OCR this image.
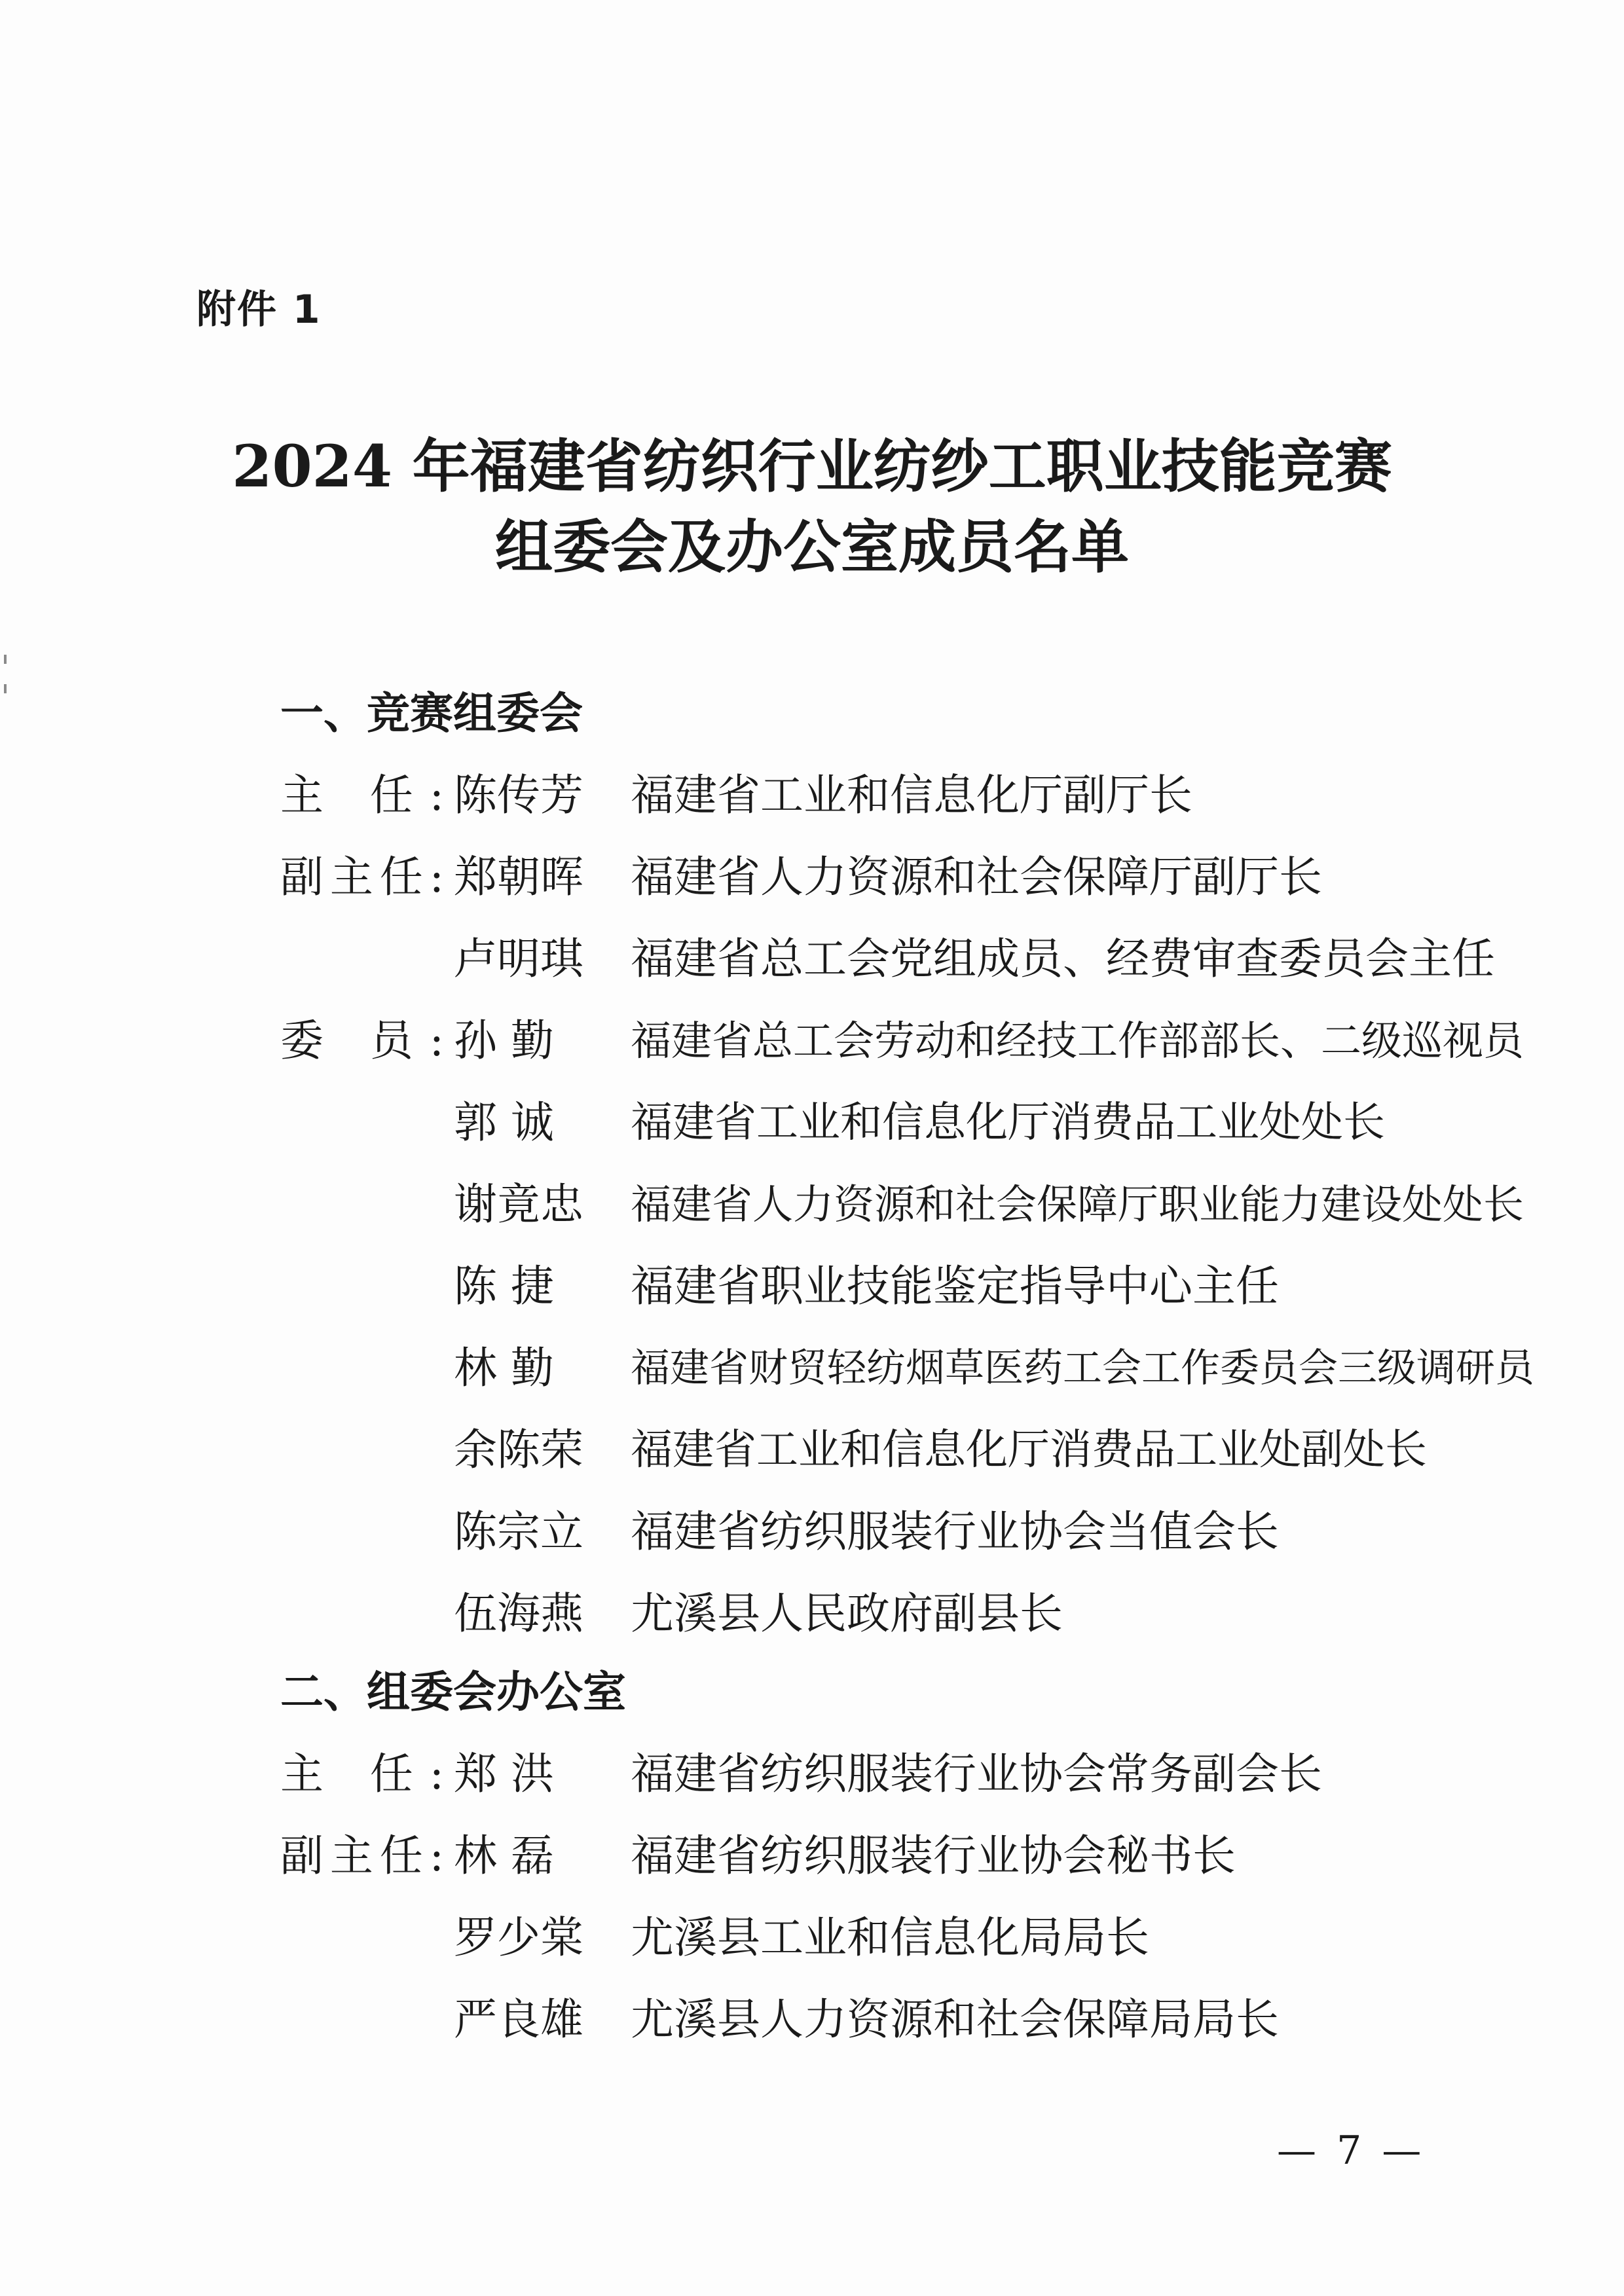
附件 1
2024 年福建省纺织行业纺纱工职业技能竞赛
组委会及办公室成员名单
一、竞赛组委会
主 任: 陈传芳 福建省工业和信息化厅副厅长
副主任: 郑朝晖 福建省人力资源和社会保障厅副厅长
卢明琪 福建省总工会党组成员、经费审查委员会主任
委 员: 孙 勤	福建省总工会劳动和经技工作部部长、二级巡视员
郭 诚	福建省工业和信息化厅消费品工业处处长
谢竟忠 福建省人力资源和社会保障厅职业能力建设处处长
陈 捷	福建省职业技能鉴定指导中心主任
林 勤	福建省财贸轻纺烟草医药工会工作委员会三级调研员
余陈荣 福建省工业和信息化厅消费品工业处副处长
陈宗立 福建省纺织服装行业协会当值会长
伍海燕 尤溪县人民政府副县长
二、组委会办公室
主 任: 郑 洪	福建省纺织服装行业协会常务副会长
副主任: 林 磊	福建省纺织服装行业协会秘书长
罗少棠 尤溪县工业和信息化局局长
严良雄 尤溪县人力资源和社会保障局局长
— 7 —
